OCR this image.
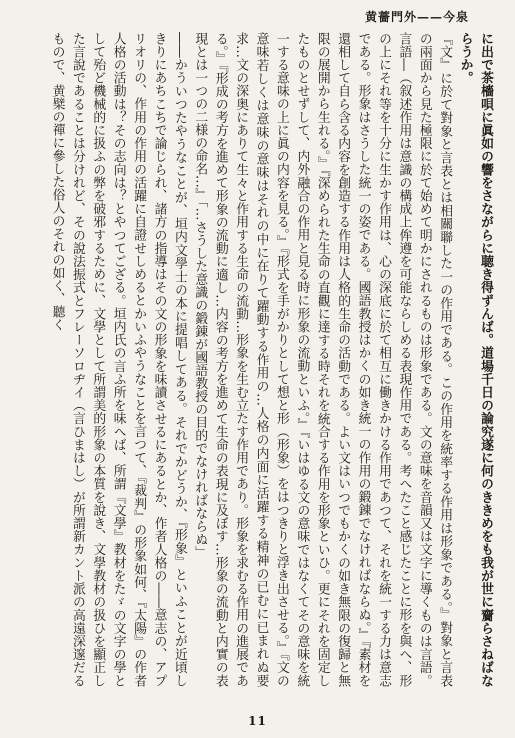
黄薔門外——今泉

に出で茶檣唄に眞如の響をさながらに聴き得ずんば。道場千日の論究遂に何のききめをも我が世に齎らさねばならうか。

『文』に於て對象と言表とは相關聯した一の作用である。この作用を統率する作用は形象である。』對象と言表の兩面から見た極限に於て始めて明かにされるものは形象である。文の意味を音韻又は文字に導くものは言語。言語―（叙述作用は意識の構成上侔遵を可能ならしめる表現作用である。考へたこと感じたことに形を與へ、形の上にそれ等を十分に生かす作用は、心の深底に於て相互に働きかける作用であつて、それを統一する力は意志である。形象はさうした統一の姿である。國語教授はかくの如き統一の作用の鍛錬でなければならぬ。』『素材を還相して自ら含る内容を創造する作用は人格的生命の活動である。よい文はいつでもかくの如き無限の復歸と無限の展開から生れる。』『深められた生命の直觀に達する時それを統合する作用を形象といひ。更にそれを固定したものとせずして、内外融合の作用と見る時に形象の流動といふ。』『いはゆる文の意味ではなくてその意味を統一する意味の上に眞の内容を見る。』『形式を手がかりとして想と形（形象）をはつきりと浮き出させる。』『文の意味若しくは意味の意味はそれの中に在りて躍動する作用の…人格の内面に活躍する精神の已むに已まれぬ要求…文の深奥にありて生々と作用する生命の流動…形象を生む立たす作用であり。形象を求むる作用の進展である。』『形成の考方を進めて形象の流動に適し…内容の考方を進めて生命の表現に及ぼす…形象の流動と内實の表現とは一つの二様の命名…』「…さうした意識の鍛錬が國語教授の目的でなければならぬ」

――かういつたやうなことが、垣内文學士の本に提唱してある。それでかどうか、『形象』といふことが近頃しきりにあちこちで論じられ、諸方の指導はその文の形象を味讀させるにあるとか、作者人格の――意志の、アプリオリの、作用の作用の活躍に自證せしめるとかいふやうなことを言つて、『裁判』の形象如何、『太陽』の作者人格の活動は？その志向は？とやつてござる。垣内氏の言ふ所を味へば、所謂『文學』教材をたゞの文字の學として殆ど機械的に扱ふの弊を破邪するために、文學として所謂美的形象の本質を說き、文學教材の扱ひを顯正した言說であることは分けれど、その說法振式とフレーソロヂイ（言ひまはし）が所謂新カント派の高遠深邃だるもので、黄檗の禪に參した俗人のそれの如く、聽く

11
